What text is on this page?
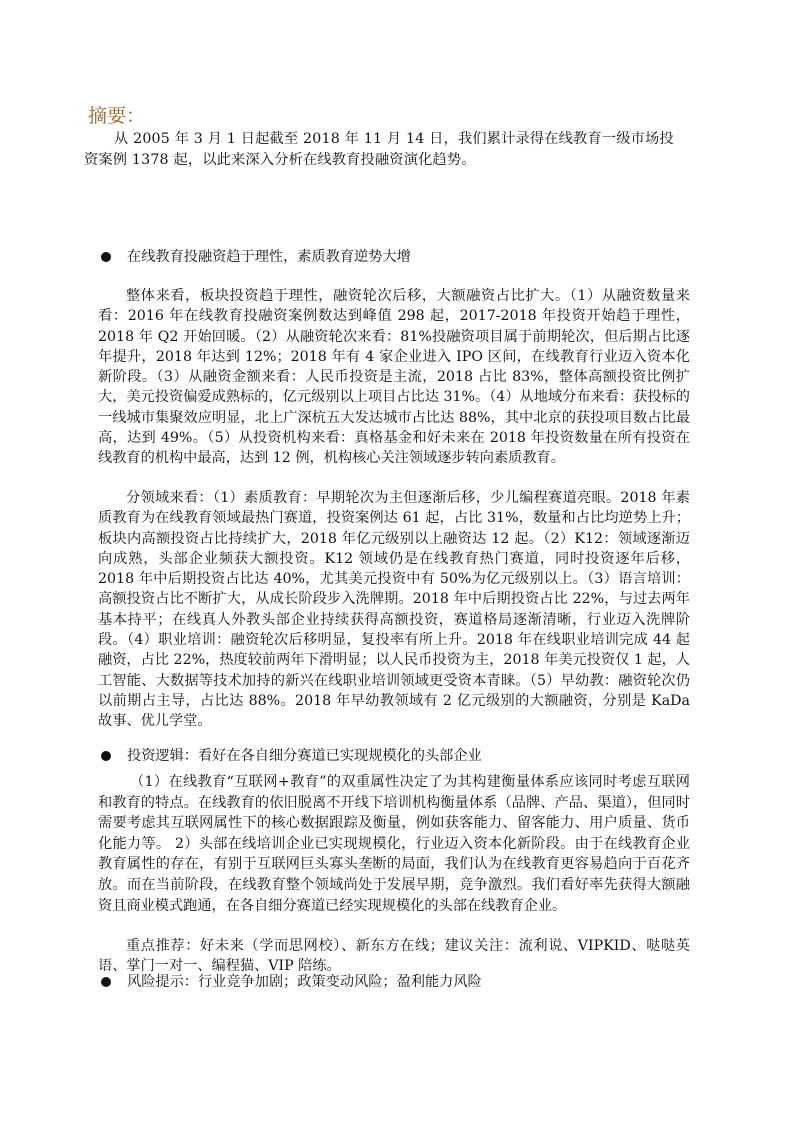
摘要：

从 2005 年 3 月 1 日起截至 2018 年 11 月 14 日，我们累计录得在线教育一级市场投资案例 1378 起，以此来深入分析在线教育投融资演化趋势。

在线教育投融资趋于理性，素质教育逆势大增

整体来看，板块投资趋于理性，融资轮次后移，大额融资占比扩大。（1）从融资数量来看：2016 年在线教育投融资案例数达到峰值 298 起，2017-2018 年投资开始趋于理性，2018 年 Q2 开始回暖。（2）从融资轮次来看：81%投融资项目属于前期轮次，但后期占比逐年提升，2018 年达到 12%；2018 年有 4 家企业进入 IPO 区间，在线教育行业迈入资本化新阶段。（3）从融资金额来看：人民币投资是主流，2018 占比 83%，整体高额投资比例扩大，美元投资偏爱成熟标的，亿元级别以上项目占比达 31%。（4）从地域分布来看：获投标的一线城市集聚效应明显，北上广深杭五大发达城市占比达 88%，其中北京的获投项目数占比最高，达到 49%。（5）从投资机构来看：真格基金和好未来在 2018 年投资数量在所有投资在线教育的机构中最高，达到 12 例，机构核心关注领域逐步转向素质教育。

分领域来看：（1）素质教育：早期轮次为主但逐渐后移，少儿编程赛道亮眼。2018 年素质教育为在线教育领域最热门赛道，投资案例达 61 起，占比 31%，数量和占比均逆势上升；板块内高额投资占比持续扩大，2018 年亿元级别以上融资达 12 起。（2）K12：领域逐渐迈向成熟，头部企业频获大额投资。K12 领域仍是在线教育热门赛道，同时投资逐年后移，2018 年中后期投资占比达 40%，尤其美元投资中有 50%为亿元级别以上。（3）语言培训：高额投资占比不断扩大，从成长阶段步入洗牌期。2018 年中后期投资占比 22%，与过去两年基本持平；在线真人外教头部企业持续获得高额投资，赛道格局逐渐清晰，行业迈入洗牌阶段。（4）职业培训：融资轮次后移明显，复投率有所上升。2018 年在线职业培训完成 44 起融资，占比 22%，热度较前两年下滑明显；以人民币投资为主，2018 年美元投资仅 1 起，人工智能、大数据等技术加持的新兴在线职业培训领域更受资本青睐。（5）早幼教：融资轮次仍以前期占主导，占比达 88%。2018 年早幼教领域有 2 亿元级别的大额融资，分别是 KaDa 故事、优儿学堂。

投资逻辑：看好在各自细分赛道已实现规模化的头部企业

（1）在线教育“互联网+教育”的双重属性决定了为其构建衡量体系应该同时考虑互联网和教育的特点。在线教育的依旧脱离不开线下培训机构衡量体系（品牌、产品、渠道），但同时需要考虑其互联网属性下的核心数据跟踪及衡量，例如获客能力、留客能力、用户质量、货币化能力等。 2）头部在线培训企业已实现规模化，行业迈入资本化新阶段。由于在线教育企业教育属性的存在，有别于互联网巨头寡头垄断的局面，我们认为在线教育更容易趋向于百花齐放。而在当前阶段，在线教育整个领域尚处于发展早期，竞争激烈。我们看好率先获得大额融资且商业模式跑通，在各自细分赛道已经实现规模化的头部在线教育企业。

重点推荐：好未来（学而思网校）、新东方在线；建议关注：流利说、VIPKID、哒哒英语、掌门一对一、编程猫、VIP 陪练。

风险提示：行业竞争加剧；政策变动风险；盈利能力风险
